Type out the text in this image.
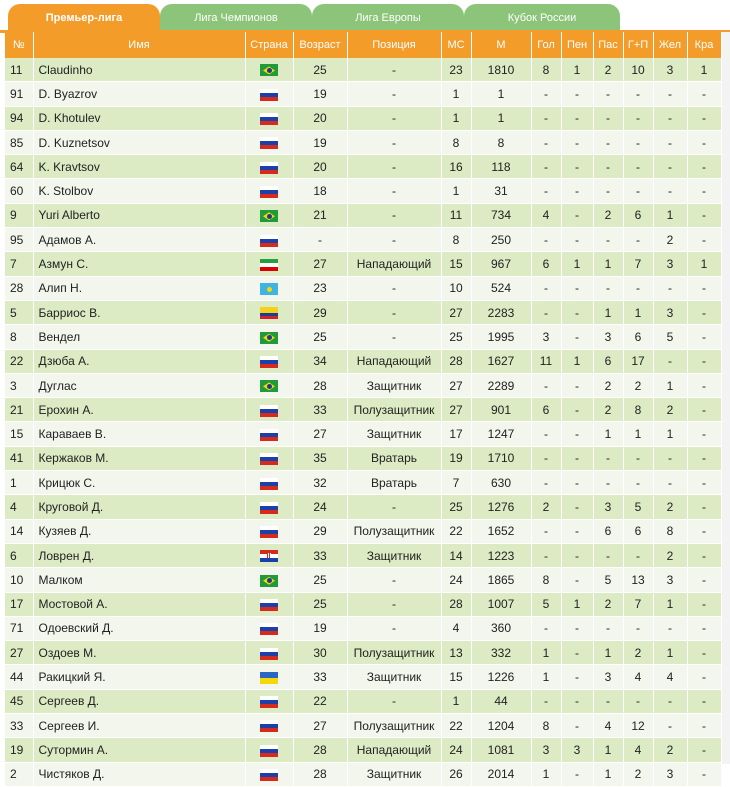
Премьер-лига	Лига Чемпионов	Лига Европы	Кубок России
№	Имя	Страна	Возраст	Позиция	МС	М	Гол	Пен	Пас	Г+П	Жел	Кра
11	Claudinho		25	-	23	1810	8	1	2	10	3	1
91	D. Byazrov		19	-	1	1	-	-	-	-	-	-
94	D. Khotulev		20	-	1	1	-	-	-	-	-	-
85	D. Kuznetsov		19	-	8	8	-	-	-	-	-	-
64	K. Kravtsov		20	-	16	118	-	-	-	-	-	-
60	K. Stolbov		18	-	1	31	-	-	-	-	-	-
9	Yuri Alberto		21	-	11	734	4	-	2	6	1	-
95	Адамов А.		-	-	8	250	-	-	-	-	2	-
7	Азмун С.		27	Нападающий	15	967	6	1	1	7	3	1
28	Алип Н.		23	-	10	524	-	-	-	-	-	-
5	Барриос В.		29	-	27	2283	-	-	1	1	3	-
8	Вендел		25	-	25	1995	3	-	3	6	5	-
22	Дзюба А.		34	Нападающий	28	1627	11	1	6	17	-	-
3	Дуглас		28	Защитник	27	2289	-	-	2	2	1	-
21	Ерохин А.		33	Полузащитник	27	901	6	-	2	8	2	-
15	Караваев В.		27	Защитник	17	1247	-	-	1	1	1	-
41	Кержаков М.		35	Вратарь	19	1710	-	-	-	-	-	-
1	Крицюк С.		32	Вратарь	7	630	-	-	-	-	-	-
4	Круговой Д.		24	-	25	1276	2	-	3	5	2	-
14	Кузяев Д.		29	Полузащитник	22	1652	-	-	6	6	8	-
6	Ловрен Д.		33	Защитник	14	1223	-	-	-	-	2	-
10	Малком		25	-	24	1865	8	-	5	13	3	-
17	Мостовой А.		25	-	28	1007	5	1	2	7	1	-
71	Одоевский Д.		19	-	4	360	-	-	-	-	-	-
27	Оздоев М.		30	Полузащитник	13	332	1	-	1	2	1	-
44	Ракицкий Я.		33	Защитник	15	1226	1	-	3	4	4	-
45	Сергеев Д.		22	-	1	44	-	-	-	-	-	-
33	Сергеев И.		27	Полузащитник	22	1204	8	-	4	12	-	-
19	Сутормин А.		28	Нападающий	24	1081	3	3	1	4	2	-
2	Чистяков Д.		28	Защитник	26	2014	1	-	1	2	3	-
